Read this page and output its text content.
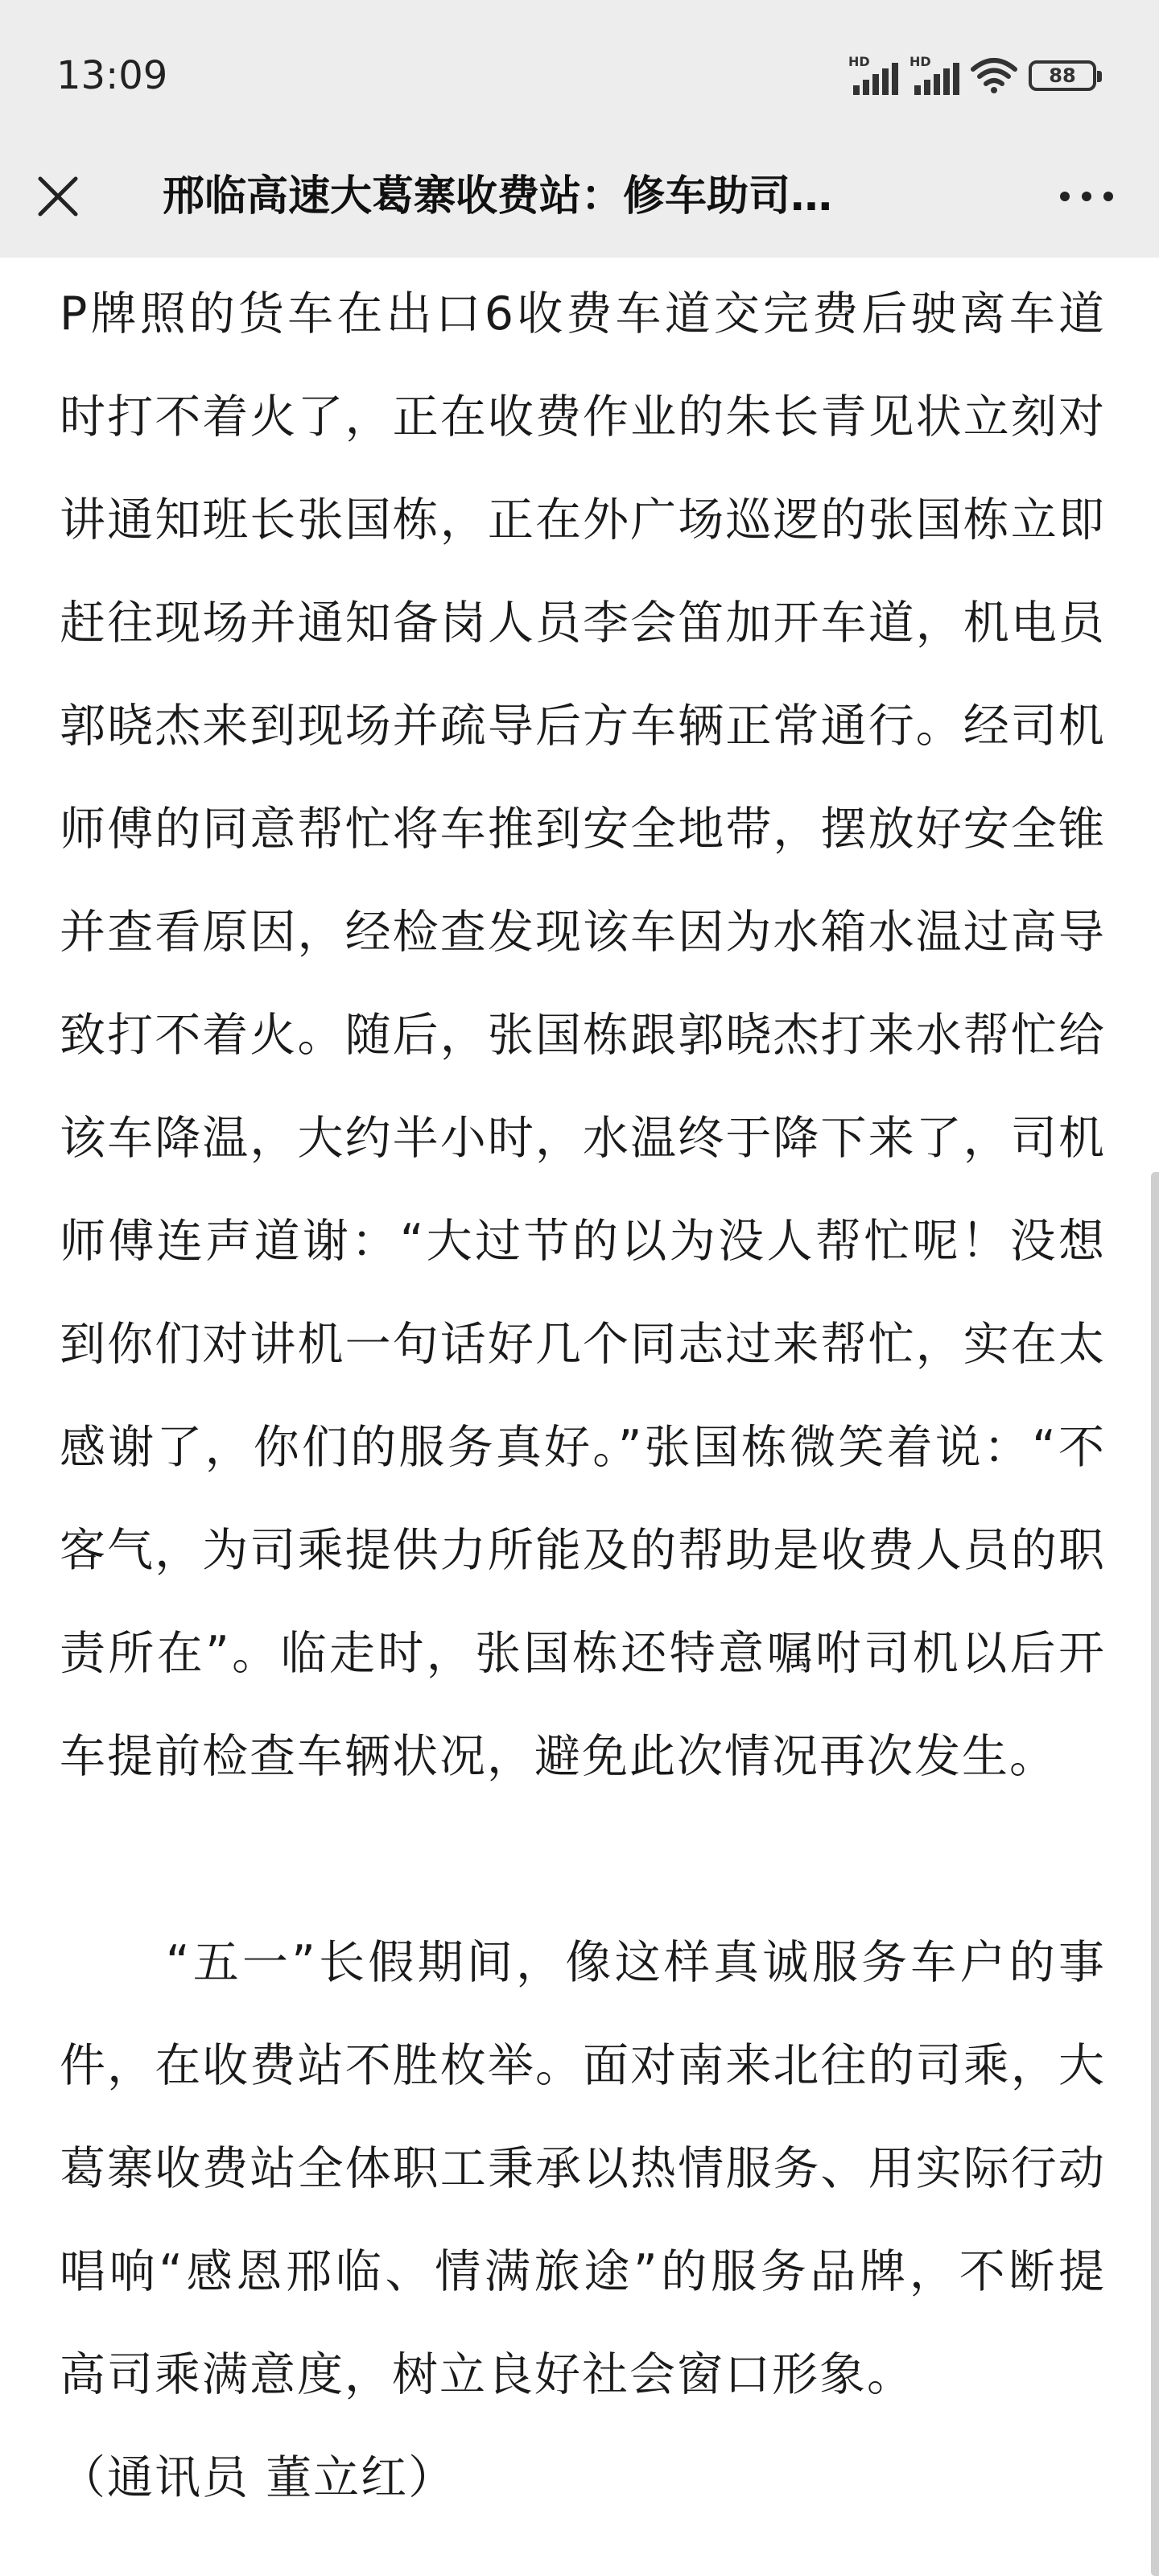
13:09	HD	HD
88
邢临高速大葛寨收费站：修车助司…

P牌照的货车在出口6收费车道交完费后驶离车道时打不着火了，正在收费作业的朱长青见状立刻对讲通知班长张国栋，正在外广场巡逻的张国栋立即赶往现场并通知备岗人员李会笛加开车道，机电员郭晓杰来到现场并疏导后方车辆正常通行。经司机师傅的同意帮忙将车推到安全地带，摆放好安全锥并查看原因，经检查发现该车因为水箱水温过高导致打不着火。随后，张国栋跟郭晓杰打来水帮忙给该车降温，大约半小时，水温终于降下来了，司机师傅连声道谢：“大过节的以为没人帮忙呢！没想到你们对讲机一句话好几个同志过来帮忙，实在太感谢了，你们的服务真好。”张国栋微笑着说：“不客气，为司乘提供力所能及的帮助是收费人员的职责所在”。临走时，张国栋还特意嘱咐司机以后开车提前检查车辆状况，避免此次情况再次发生。

“五一”长假期间，像这样真诚服务车户的事件，在收费站不胜枚举。面对南来北往的司乘，大葛寨收费站全体职工秉承以热情服务、用实际行动唱响“感恩邢临、情满旅途”的服务品牌，不断提高司乘满意度，树立良好社会窗口形象。

（通讯员 董立红）
